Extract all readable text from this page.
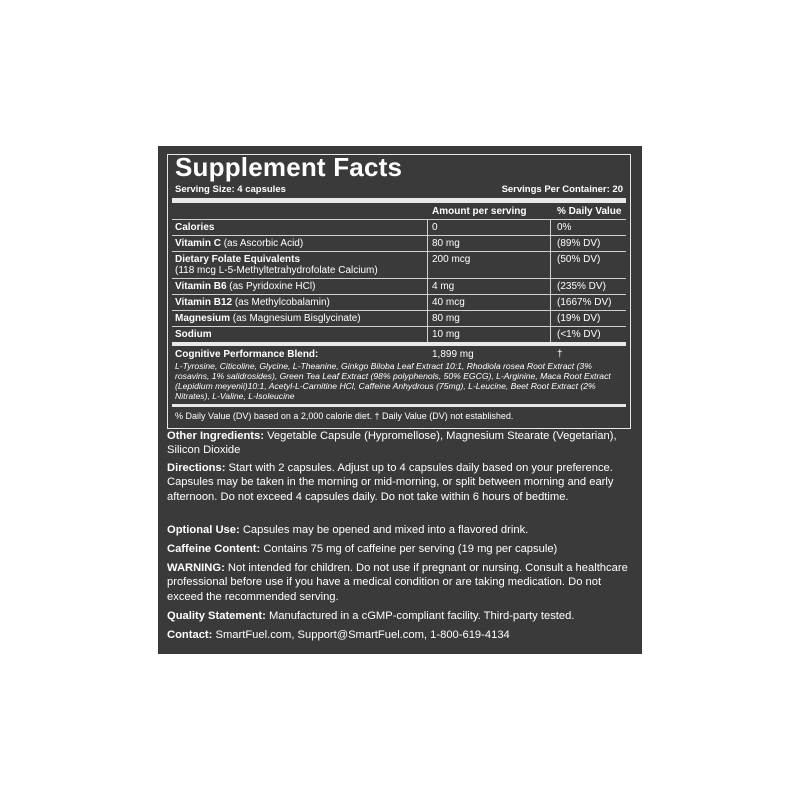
Supplement Facts
Serving Size: 4 capsules	Servings Per Container: 20
Amount per serving	% Daily Value
Calories	0	0%
Vitamin C (as Ascorbic Acid)	80 mg	(89% DV)
Dietary Folate Equivalents
(118 mcg L-5-Methyltetrahydrofolate Calcium)
200 mcg	(50% DV)
Vitamin B6 (as Pyridoxine HCl)	4 mg	(235% DV)
Vitamin B12 (as Methylcobalamin)	40 mcg	(1667% DV)
Magnesium (as Magnesium Bisglycinate)	80 mg	(19% DV)
Sodium	10 mg	(<1% DV)
Cognitive Performance Blend:	1,899 mg	†
L-Tyrosine, Citicoline, Glycine, L-Theanine, Ginkgo Biloba Leaf Extract 10:1, Rhodiola rosea Root Extract (3% rosavins, 1% salidrosides), Green Tea Leaf Extract (98% polyphenols, 50% EGCG), L-Arginine, Maca Root Extract (Lepidium meyenii)10:1, Acetyl-L-Carnitine HCl, Caffeine Anhydrous (75mg), L-Leucine, Beet Root Extract (2% Nitrates), L-Valine, L-Isoleucine
% Daily Value (DV) based on a 2,000 calorie diet. † Daily Value (DV) not established.
Other Ingredients: Vegetable Capsule (Hypromellose), Magnesium Stearate (Vegetarian), Silicon Dioxide
Directions: Start with 2 capsules. Adjust up to 4 capsules daily based on your preference. Capsules may be taken in the morning or mid-morning, or split between morning and early afternoon. Do not exceed 4 capsules daily. Do not take within 6 hours of bedtime.
Optional Use: Capsules may be opened and mixed into a flavored drink.
Caffeine Content: Contains 75 mg of caffeine per serving (19 mg per capsule)
WARNING: Not intended for children. Do not use if pregnant or nursing. Consult a healthcare professional before use if you have a medical condition or are taking medication. Do not exceed the recommended serving.
Quality Statement: Manufactured in a cGMP-compliant facility. Third-party tested.
Contact: SmartFuel.com, Support@SmartFuel.com, 1-800-619-4134
